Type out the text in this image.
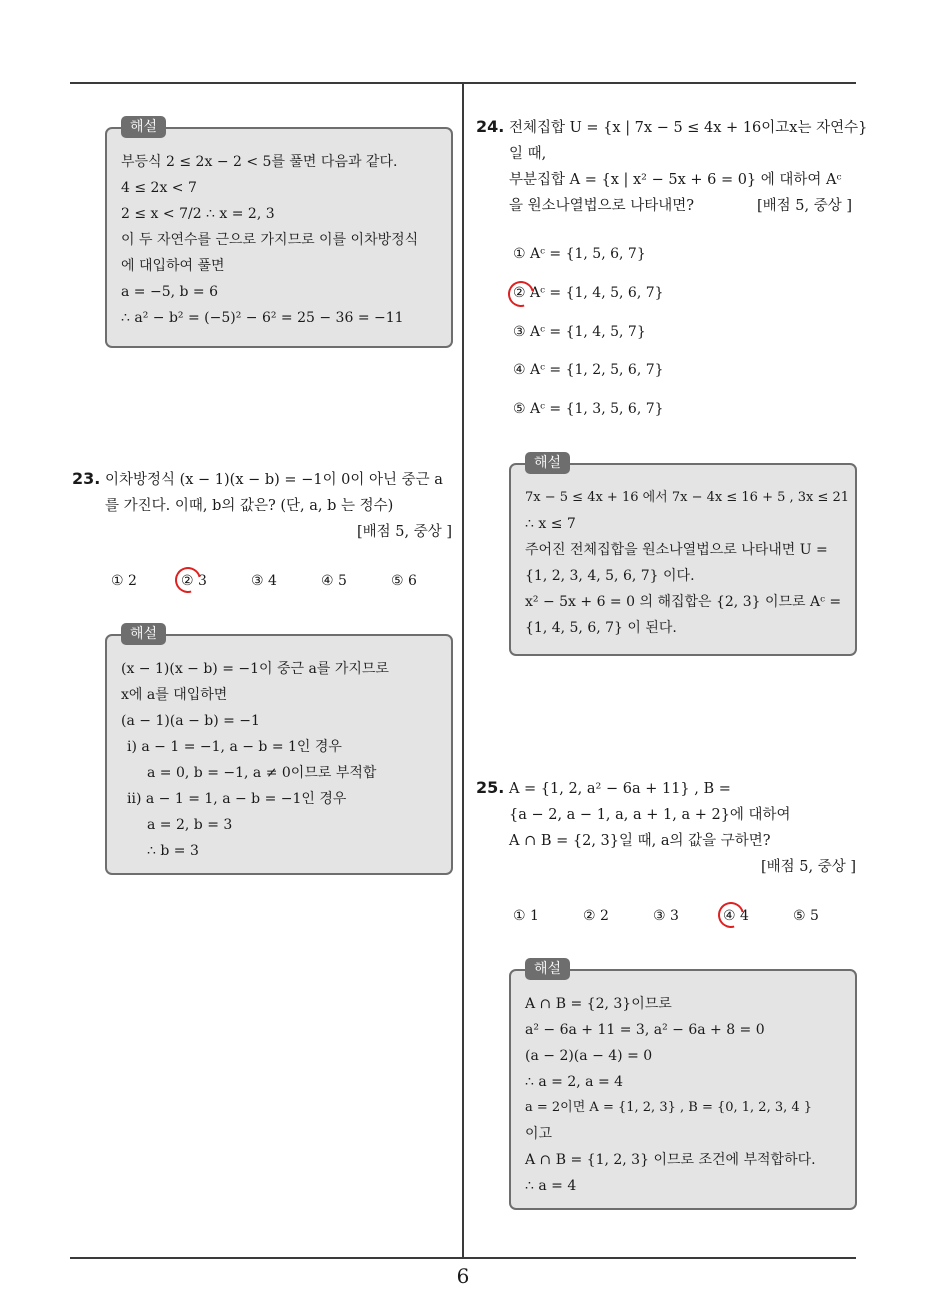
해설
부등식 2 ≤ 2x − 2 < 5를 풀면 다음과 같다.
4 ≤ 2x < 7
2 ≤ x < 7/2 ∴ x = 2, 3
이 두 자연수를 근으로 가지므로 이를 이차방정식
에 대입하여 풀면
a = −5, b = 6
∴ a² − b² = (−5)² − 6² = 25 − 36 = −11
23. 이차방정식 (x − 1)(x − b) = −1이 0이 아닌 중근 a
를 가진다. 이때, b의 값은? (단, a, b 는 정수)
[배점 5, 중상 ]
① 2	② 3	③ 4	④ 5	⑤ 6
해설
(x − 1)(x − b) = −1이 중근 a를 가지므로
x에 a를 대입하면
(a − 1)(a − b) = −1
ⅰ) a − 1 = −1, a − b = 1인 경우
a = 0, b = −1, a ≠ 0이므로 부적합
ⅱ) a − 1 = 1, a − b = −1인 경우
a = 2, b = 3
∴ b = 3
24. 전체집합 U = {x | 7x − 5 ≤ 4x + 16이고x는 자연수}
일 때,
부분집합 A = {x | x² − 5x + 6 = 0} 에 대하여 Aᶜ
을 원소나열법으로 나타내면?	[배점 5, 중상 ]
① Aᶜ = {1, 5, 6, 7}
② Aᶜ = {1, 4, 5, 6, 7}
③ Aᶜ = {1, 4, 5, 7}
④ Aᶜ = {1, 2, 5, 6, 7}
⑤ Aᶜ = {1, 3, 5, 6, 7}
해설
7x − 5 ≤ 4x + 16 에서 7x − 4x ≤ 16 + 5 , 3x ≤ 21
∴ x ≤ 7
주어진 전체집합을 원소나열법으로 나타내면 U =
{1, 2, 3, 4, 5, 6, 7} 이다.
x² − 5x + 6 = 0 의 해집합은 {2, 3} 이므로 Aᶜ =
{1, 4, 5, 6, 7} 이 된다.
25. A = {1, 2, a² − 6a + 11} , B =
{a − 2, a − 1, a, a + 1, a + 2}에 대하여
A ∩ B = {2, 3}일 때, a의 값을 구하면?
[배점 5, 중상 ]
① 1	② 2	③ 3	④ 4	⑤ 5
해설
A ∩ B = {2, 3}이므로
a² − 6a + 11 = 3, a² − 6a + 8 = 0
(a − 2)(a − 4) = 0
∴ a = 2, a = 4
a = 2이면 A = {1, 2, 3} , B = {0, 1, 2, 3, 4 }
이고
A ∩ B = {1, 2, 3} 이므로 조건에 부적합하다.
∴ a = 4
6
